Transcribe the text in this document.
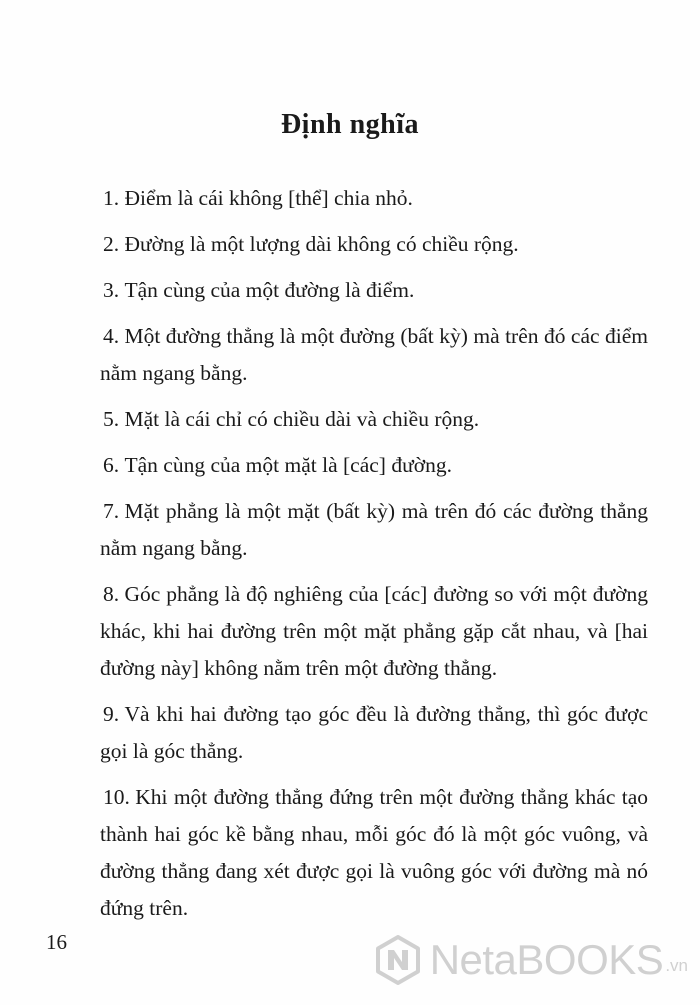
Định nghĩa
1. Điểm là cái không [thể] chia nhỏ.
2. Đường là một lượng dài không có chiều rộng.
3. Tận cùng của một đường là điểm.
4. Một đường thẳng là một đường (bất kỳ) mà trên đó các điểm nằm ngang bằng.
5. Mặt là cái chỉ có chiều dài và chiều rộng.
6. Tận cùng của một mặt là [các] đường.
7. Mặt phẳng là một mặt (bất kỳ) mà trên đó các đường thẳng nằm ngang bằng.
8. Góc phẳng là độ nghiêng của [các] đường so với một đường khác, khi hai đường trên một mặt phẳng gặp cắt nhau, và [hai đường này] không nằm trên một đường thẳng.
9. Và khi hai đường tạo góc đều là đường thẳng, thì góc được gọi là góc thẳng.
10. Khi một đường thẳng đứng trên một đường thẳng khác tạo thành hai góc kề bằng nhau, mỗi góc đó là một góc vuông, và đường thẳng đang xét được gọi là vuông góc với đường mà nó đứng trên.
16	NetaBOOKS .vn
